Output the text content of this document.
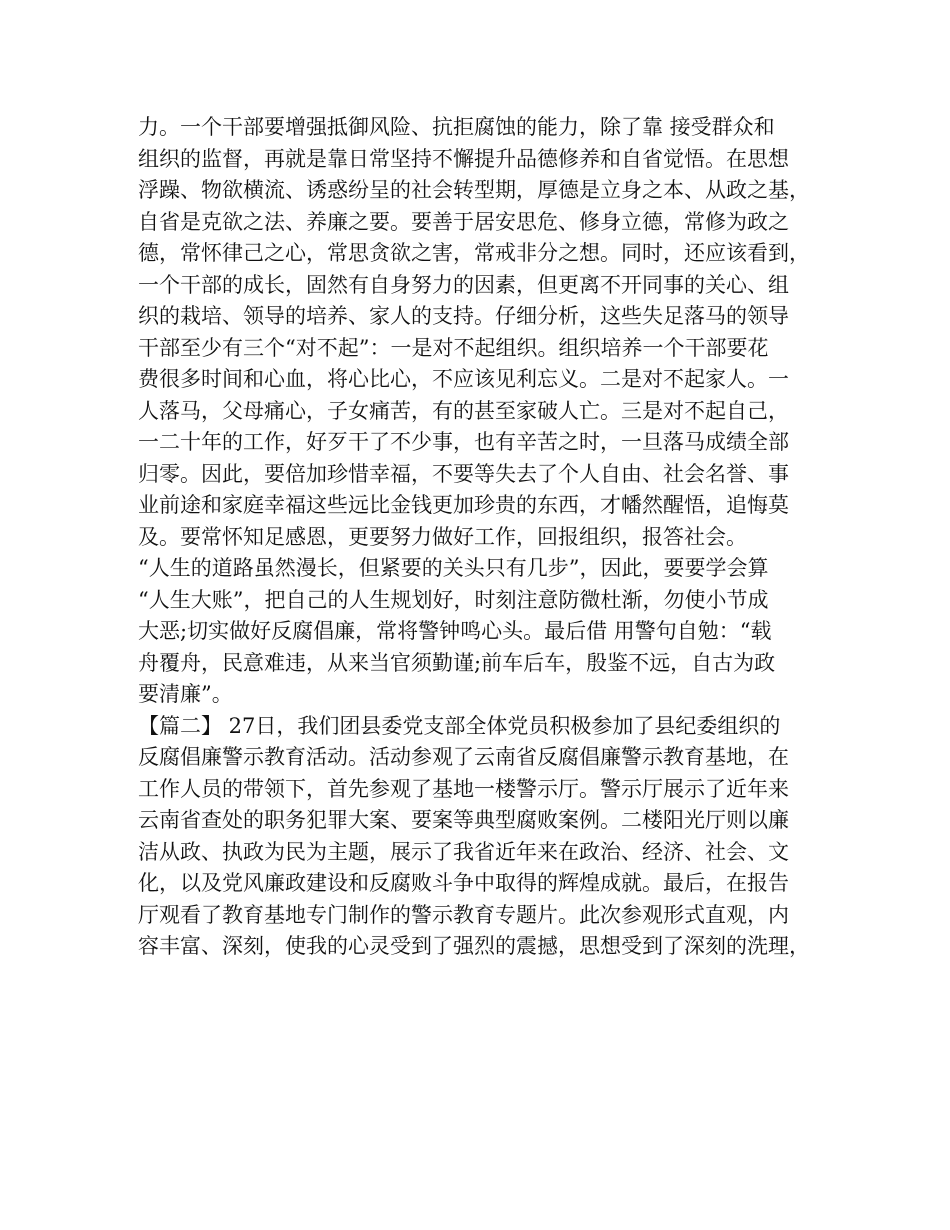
力。一个干部要增强抵御风险、抗拒腐蚀的能力，除了靠 接受群众和
组织的监督，再就是靠日常坚持不懈提升品德修养和自省觉悟。在思想
浮躁、物欲横流、诱惑纷呈的社会转型期，厚德是立身之本、从政之基，
自省是克欲之法、养廉之要。要善于居安思危、修身立德，常修为政之
德，常怀律己之心，常思贪欲之害，常戒非分之想。同时，还应该看到，
一个干部的成长，固然有自身努力的因素，但更离不开同事的关心、组
织的栽培、领导的培养、家人的支持。仔细分析，这些失足落马的领导
干部至少有三个“对不起”：一是对不起组织。组织培养一个干部要花
费很多时间和心血，将心比心，不应该见利忘义。二是对不起家人。一
人落马，父母痛心，子女痛苦，有的甚至家破人亡。三是对不起自己，
一二十年的工作，好歹干了不少事，也有辛苦之时，一旦落马成绩全部
归零。因此，要倍加珍惜幸福，不要等失去了个人自由、社会名誉、事
业前途和家庭幸福这些远比金钱更加珍贵的东西，才幡然醒悟，追悔莫
及。要常怀知足感恩，更要努力做好工作，回报组织，报答社会。
“人生的道路虽然漫长，但紧要的关头只有几步”，因此，要要学会算
“人生大账”，把自己的人生规划好，时刻注意防微杜渐，勿使小节成
大恶;切实做好反腐倡廉，常将警钟鸣心头。最后借 用警句自勉：“载
舟覆舟，民意难违，从来当官须勤谨;前车后车，殷鉴不远，自古为政
要清廉”。
【篇二】 27日，我们团县委党支部全体党员积极参加了县纪委组织的
反腐倡廉警示教育活动。活动参观了云南省反腐倡廉警示教育基地，在
工作人员的带领下，首先参观了基地一楼警示厅。警示厅展示了近年来
云南省查处的职务犯罪大案、要案等典型腐败案例。二楼阳光厅则以廉
洁从政、执政为民为主题，展示了我省近年来在政治、经济、社会、文
化，以及党风廉政建设和反腐败斗争中取得的辉煌成就。最后，在报告
厅观看了教育基地专门制作的警示教育专题片。此次参观形式直观，内
容丰富、深刻，使我的心灵受到了强烈的震撼，思想受到了深刻的洗理，
